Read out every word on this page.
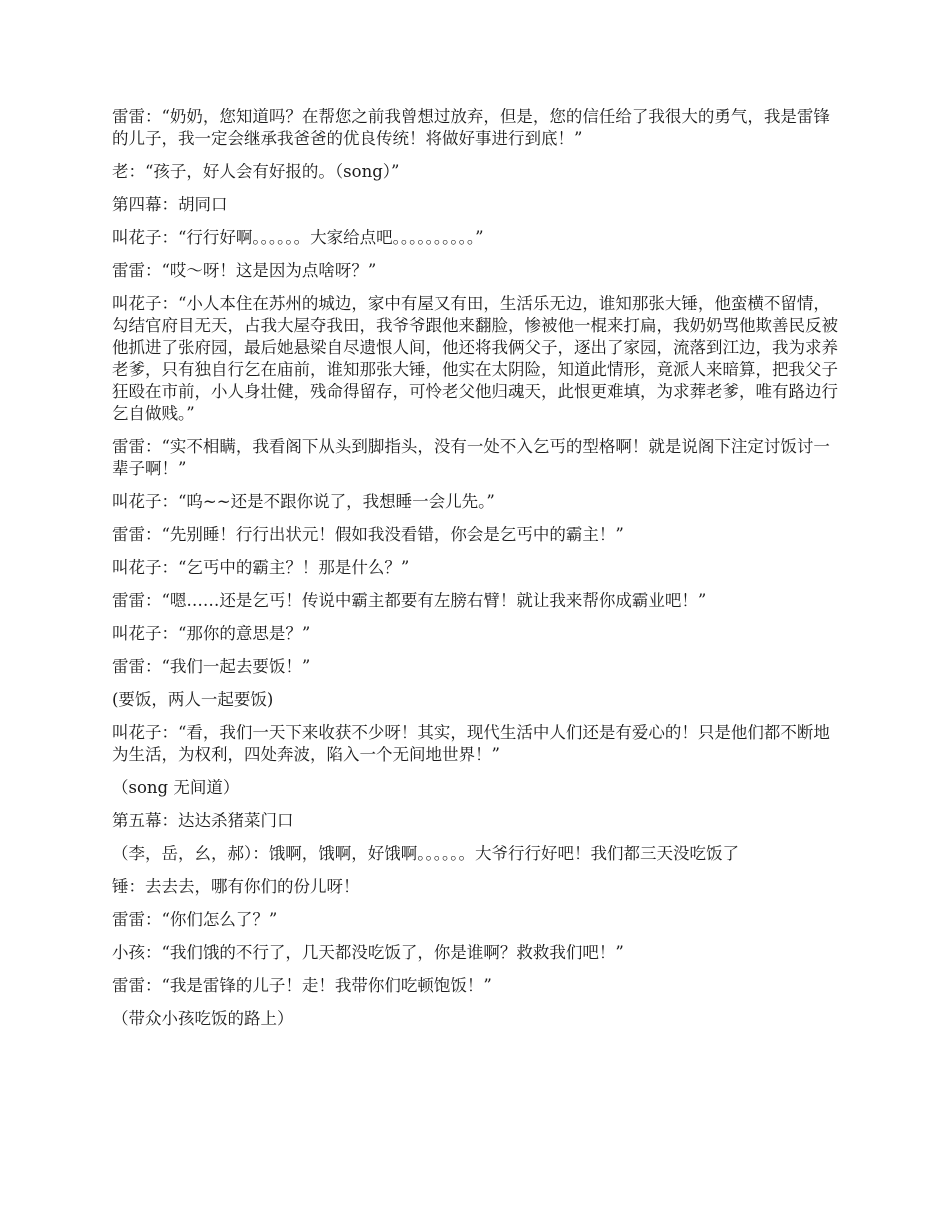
雷雷：“奶奶，您知道吗？在帮您之前我曾想过放弃，但是，您的信任给了我很大的勇气，我是雷锋的儿子，我一定会继承我爸爸的优良传统！将做好事进行到底！”

老：“孩子，好人会有好报的。（song）”

第四幕：胡同口

叫花子：“行行好啊。。。。。。大家给点吧。。。。。。。。。。”

雷雷：“哎～呀！这是因为点啥呀？”

叫花子：“小人本住在苏州的城边，家中有屋又有田，生活乐无边，谁知那张大锤，他蛮横不留情，勾结官府目无天，占我大屋夺我田，我爷爷跟他来翻脸，惨被他一棍来打扁，我奶奶骂他欺善民反被他抓进了张府园，最后她悬梁自尽遗恨人间，他还将我俩父子，逐出了家园，流落到江边，我为求养老爹，只有独自行乞在庙前，谁知那张大锤，他实在太阴险，知道此情形，竟派人来暗算，把我父子狂殴在市前，小人身壮健，残命得留存，可怜老父他归魂天，此恨更难填，为求葬老爹，唯有路边行乞自做贱。”

雷雷：“实不相瞒，我看阁下从头到脚指头，没有一处不入乞丐的型格啊！就是说阁下注定讨饭讨一辈子啊！”

叫花子：“呜~~还是不跟你说了，我想睡一会儿先。”

雷雷：“先别睡！行行出状元！假如我没看错，你会是乞丐中的霸主！”

叫花子：“乞丐中的霸主？！那是什么？”

雷雷：“嗯……还是乞丐！传说中霸主都要有左膀右臂！就让我来帮你成霸业吧！”

叫花子：“那你的意思是？”

雷雷：“我们一起去要饭！”

(要饭，两人一起要饭)

叫花子：“看，我们一天下来收获不少呀！其实，现代生活中人们还是有爱心的！只是他们都不断地为生活，为权利，四处奔波，陷入一个无间地世界！”

（song 无间道）

第五幕：达达杀猪菜门口

（李，岳，幺，郝）：饿啊，饿啊，好饿啊。。。。。。大爷行行好吧！我们都三天没吃饭了

锤：去去去，哪有你们的份儿呀！

雷雷：“你们怎么了？”

小孩：“我们饿的不行了，几天都没吃饭了，你是谁啊？救救我们吧！”

雷雷：“我是雷锋的儿子！走！我带你们吃顿饱饭！”

（带众小孩吃饭的路上）
